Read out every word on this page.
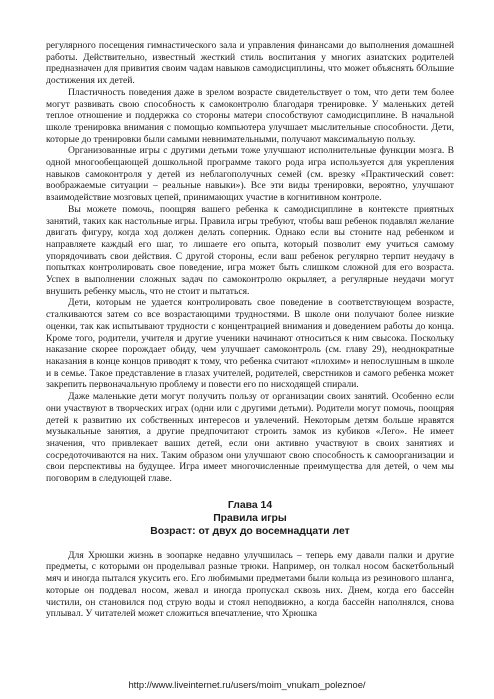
регулярного посещения гимнастического зала и управления финансами до выполнения домашней работы. Действительно, известный жесткий стиль воспитания у многих азиатских родителей предназначен для привития своим чадам навыков самодисциплины, что может объяснять бОльшие достижения их детей.

Пластичность поведения даже в зрелом возрасте свидетельствует о том, что дети тем более могут развивать свою способность к самоконтролю благодаря тренировке. У маленьких детей теплое отношение и поддержка со стороны матери способствуют самодисциплине. В начальной школе тренировка внимания с помощью компьютера улучшает мыслительные способности. Дети, которые до тренировки были самыми невнимательными, получают максимальную пользу.

Организованные игры с другими детьми тоже улучшают исполнительные функции мозга. В одной многообещающей дошкольной программе такого рода игра используется для укрепления навыков самоконтроля у детей из неблагополучных семей (см. врезку «Практический совет: воображаемые ситуации – реальные навыки»). Все эти виды тренировки, вероятно, улучшают взаимодействие мозговых цепей, принимающих участие в когнитивном контроле.

Вы можете помочь, поощряя вашего ребенка к самодисциплине в контексте приятных занятий, таких как настольные игры. Правила игры требуют, чтобы ваш ребенок подавлял желание двигать фигуру, когда ход должен делать соперник. Однако если вы стоните над ребенком и направляете каждый его шаг, то лишаете его опыта, который позволит ему учиться самому упорядочивать свои действия. С другой стороны, если ваш ребенок регулярно терпит неудачу в попытках контролировать свое поведение, игра может быть слишком сложной для его возраста. Успех в выполнении сложных задач по самоконтролю окрыляет, а регулярные неудачи могут внушить ребенку мысль, что не стоит и пытаться.

Дети, которым не удается контролировать свое поведение в соответствующем возрасте, сталкиваются затем со все возрастающими трудностями. В школе они получают более низкие оценки, так как испытывают трудности с концентрацией внимания и доведением работы до конца. Кроме того, родители, учителя и другие ученики начинают относиться к ним свысока. Поскольку наказание скорее порождает обиду, чем улучшает самоконтроль (см. главу 29), неоднократные наказания в конце концов приводят к тому, что ребенка считают «плохим» и непослушным в школе и в семье. Такое представление в глазах учителей, родителей, сверстников и самого ребенка может закрепить первоначальную проблему и повести его по нисходящей спирали.

Даже маленькие дети могут получить пользу от организации своих занятий. Особенно если они участвуют в творческих играх (одни или с другими детьми). Родители могут помочь, поощряя детей к развитию их собственных интересов и увлечений. Некоторым детям больше нравятся музыкальные занятия, а другие предпочитают строить замок из кубиков «Лего». Не имеет значения, что привлекает ваших детей, если они активно участвуют в своих занятиях и сосредоточиваются на них. Таким образом они улучшают свою способность к самоорганизации и свои перспективы на будущее. Игра имеет многочисленные преимущества для детей, о чем мы поговорим в следующей главе.

Глава 14
Правила игры
Возраст: от двух до восемнадцати лет

Для Хрюшки жизнь в зоопарке недавно улучшилась – теперь ему давали палки и другие предметы, с которыми он проделывал разные трюки. Например, он толкал носом баскетбольный мяч и иногда пытался укусить его. Его любимыми предметами были кольца из резинового шланга, которые он поддевал носом, жевал и иногда пропускал сквозь них. Днем, когда его бассейн чистили, он становился под струю воды и стоял неподвижно, а когда бассейн наполнялся, снова уплывал. У читателей может сложиться впечатление, что Хрюшка

http://www.liveinternet.ru/users/moim_vnukam_poleznoe/
